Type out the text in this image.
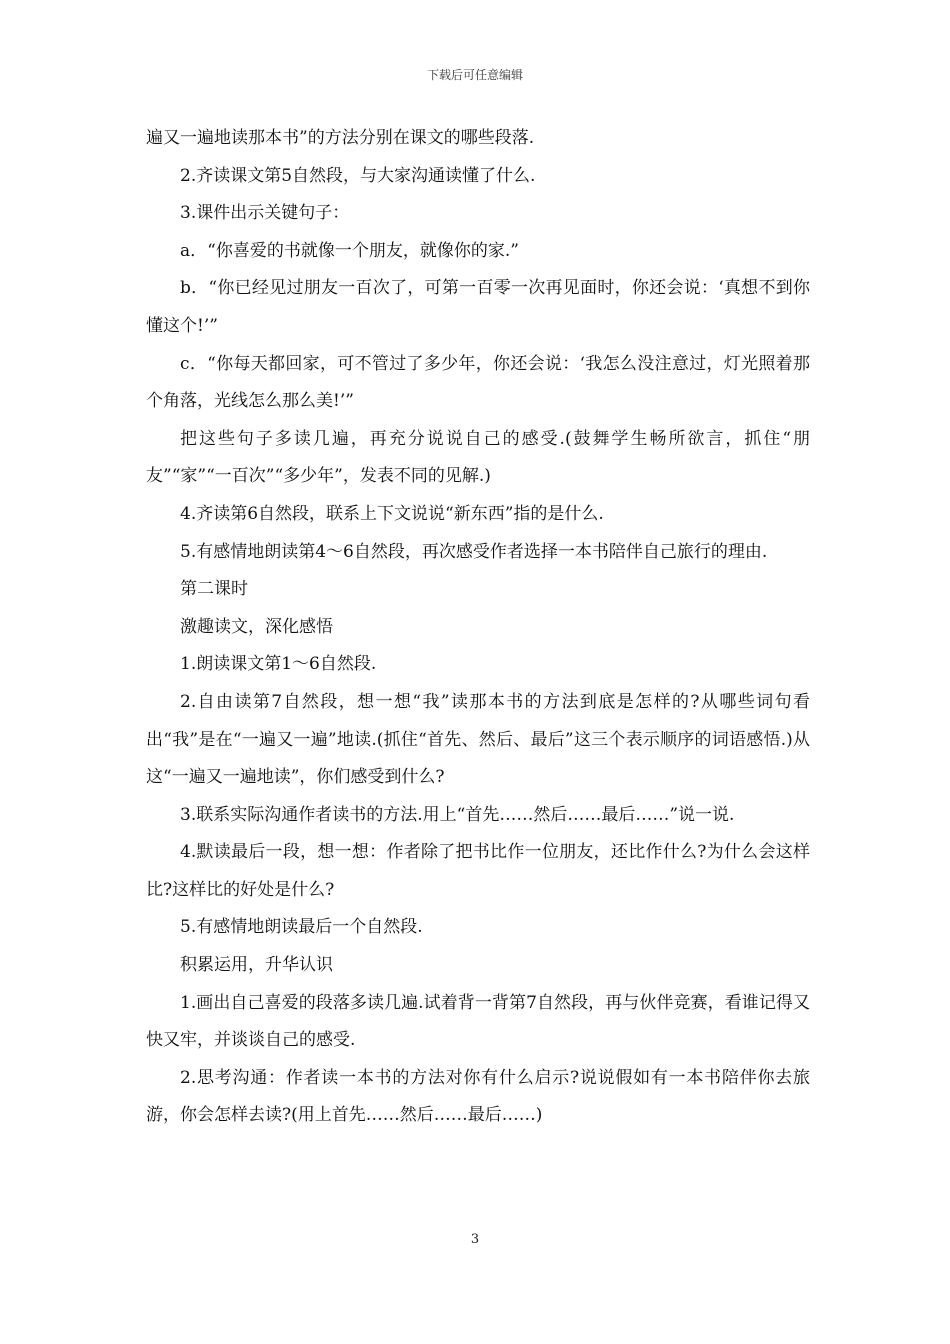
下载后可任意编辑

遍又一遍地读那本书”的方法分别在课文的哪些段落.

2.齐读课文第5自然段，与大家沟通读懂了什么.

3.课件出示关键句子：

a．“你喜爱的书就像一个朋友，就像你的家.”

b．“你已经见过朋友一百次了，可第一百零一次再见面时，你还会说：‘真想不到你懂这个!’”

c．“你每天都回家，可不管过了多少年，你还会说：‘我怎么没注意过，灯光照着那个角落，光线怎么那么美!’”

把这些句子多读几遍，再充分说说自己的感受.(鼓舞学生畅所欲言，抓住“朋友”“家”“一百次”“多少年”，发表不同的见解.)

4.齐读第6自然段，联系上下文说说“新东西”指的是什么.

5.有感情地朗读第4～6自然段，再次感受作者选择一本书陪伴自己旅行的理由.

第二课时

激趣读文，深化感悟

1.朗读课文第1～6自然段.

2.自由读第7自然段，想一想“我”读那本书的方法到底是怎样的?从哪些词句看出“我”是在“一遍又一遍”地读.(抓住“首先、然后、最后”这三个表示顺序的词语感悟.)从这“一遍又一遍地读”，你们感受到什么?

3.联系实际沟通作者读书的方法.用上“首先……然后……最后……”说一说.

4.默读最后一段，想一想：作者除了把书比作一位朋友，还比作什么?为什么会这样比?这样比的好处是什么?

5.有感情地朗读最后一个自然段.

积累运用，升华认识

1.画出自己喜爱的段落多读几遍.试着背一背第7自然段，再与伙伴竞赛，看谁记得又快又牢，并谈谈自己的感受.

2.思考沟通：作者读一本书的方法对你有什么启示?说说假如有一本书陪伴你去旅游，你会怎样去读?(用上首先……然后……最后……)

3
